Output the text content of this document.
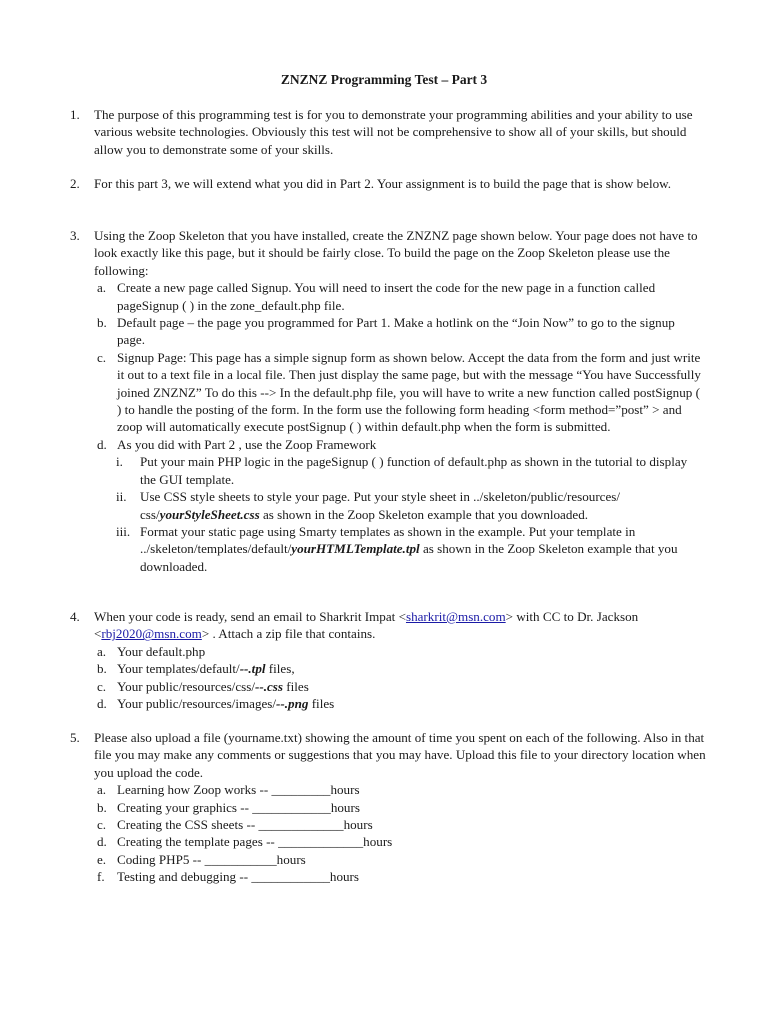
ZNZNZ Programming Test – Part 3
1. The purpose of this programming test is for you to demonstrate your programming abilities and your ability to use various website technologies. Obviously this test will not be comprehensive to show all of your skills, but should allow you to demonstrate some of your skills.

2. For this part 3, we will extend what you did in Part 2. Your assignment is to build the page that is show below.

3. Using the Zoop Skeleton that you have installed, create the ZNZNZ page shown below. Your page does not have to look exactly like this page, but it should be fairly close. To build the page on the Zoop Skeleton please use the following:

a. Create a new page called Signup. You will need to insert the code for the new page in a function called pageSignup ( ) in the zone_default.php file.
b. Default page – the page you programmed for Part 1. Make a hotlink on the “Join Now” to go to the signup page.
c. Signup Page: This page has a simple signup form as shown below. Accept the data from the form and just write it out to a text file in a local file. Then just display the same page, but with the message “You have Successfully joined ZNZNZ” To do this --> In the default.php file, you will have to write a new function called postSignup ( ) to handle the posting of the form. In the form use the following form heading <form method=”post” > and zoop will automatically execute postSignup ( ) within default.php when the form is submitted.
d. As you did with Part 2 , use the Zoop Framework
i.	Put your main PHP logic in the pageSignup ( ) function of default.php as shown in the tutorial to display the GUI template.
ii.	Use CSS style sheets to style your page. Put your style sheet in ../skeleton/public/resources/ css/yourStyleSheet.css as shown in the Zoop Skeleton example that you downloaded.
iii. Format your static page using Smarty templates as shown in the example. Put your template in ../skeleton/templates/default/yourHTMLTemplate.tpl as shown in the Zoop Skeleton example that you downloaded.
4. When your code is ready, send an email to Sharkrit Impat <sharkrit@msn.com> with CC to Dr. Jackson <rbj2020@msn.com> . Attach a zip file that contains.

a. Your default.php
b. Your templates/default/--.tpl files,
c. Your public/resources/css/--.css files
d. Your public/resources/images/--.png files
5. Please also upload a file (yourname.txt) showing the amount of time you spent on each of the following. Also in that file you may make any comments or suggestions that you may have. Upload this file to your directory location when you upload the code.

a. Learning how Zoop works -- _________hours
b. Creating your graphics -- ____________hours
c. Creating the CSS sheets -- _____________hours
d. Creating the template pages -- _____________hours
e. Coding PHP5 -- ___________hours
f. Testing and debugging -- ____________hours
